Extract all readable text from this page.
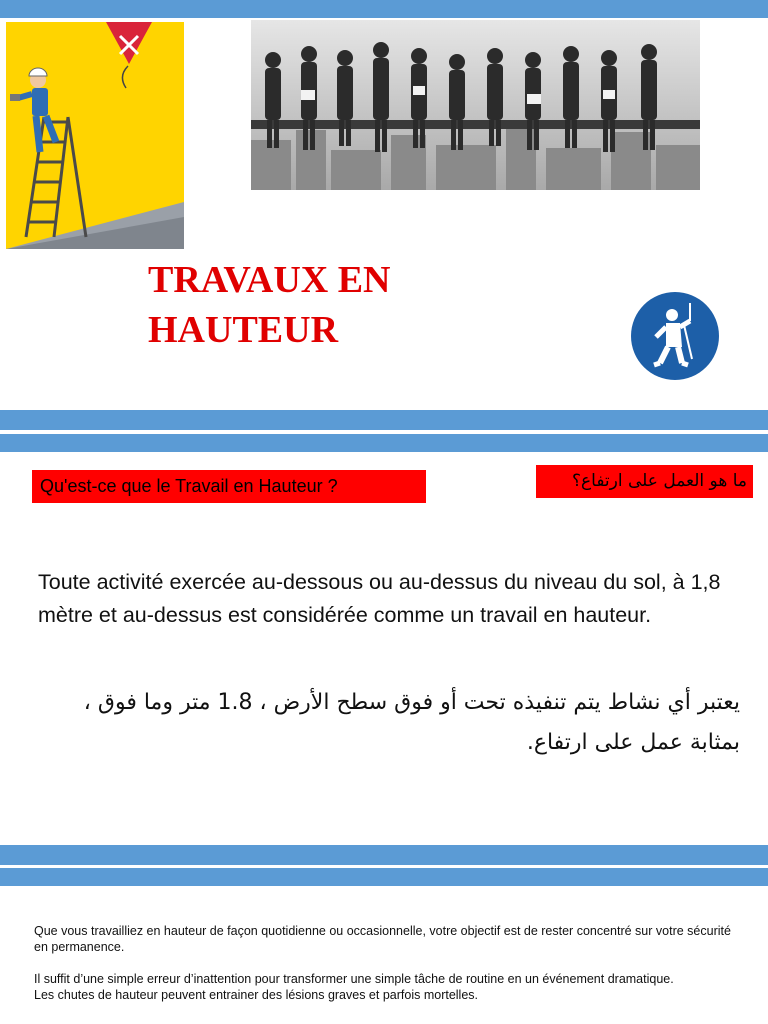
TRAVAUX EN
HAUTEUR
Qu'est-ce que le Travail en Hauteur ?	ما هو العمل على ارتفاع؟

Toute activité exercée au-dessous ou au-dessus du niveau du sol, à 1,8 mètre et au-dessus est considérée comme un travail en hauteur.

يعتبر أي نشاط يتم تنفيذه تحت أو فوق سطح الأرض ، 1.8 متر وما فوق ، بمثابة عمل على ارتفاع.

Que vous travailliez en hauteur de façon quotidienne ou occasionnelle, votre objectif est de rester concentré sur votre sécurité en permanence.

Il suffit d’une simple erreur d’inattention pour transformer une simple tâche de routine en un événement dramatique.

Les chutes de hauteur peuvent entrainer des lésions graves et parfois mortelles.
